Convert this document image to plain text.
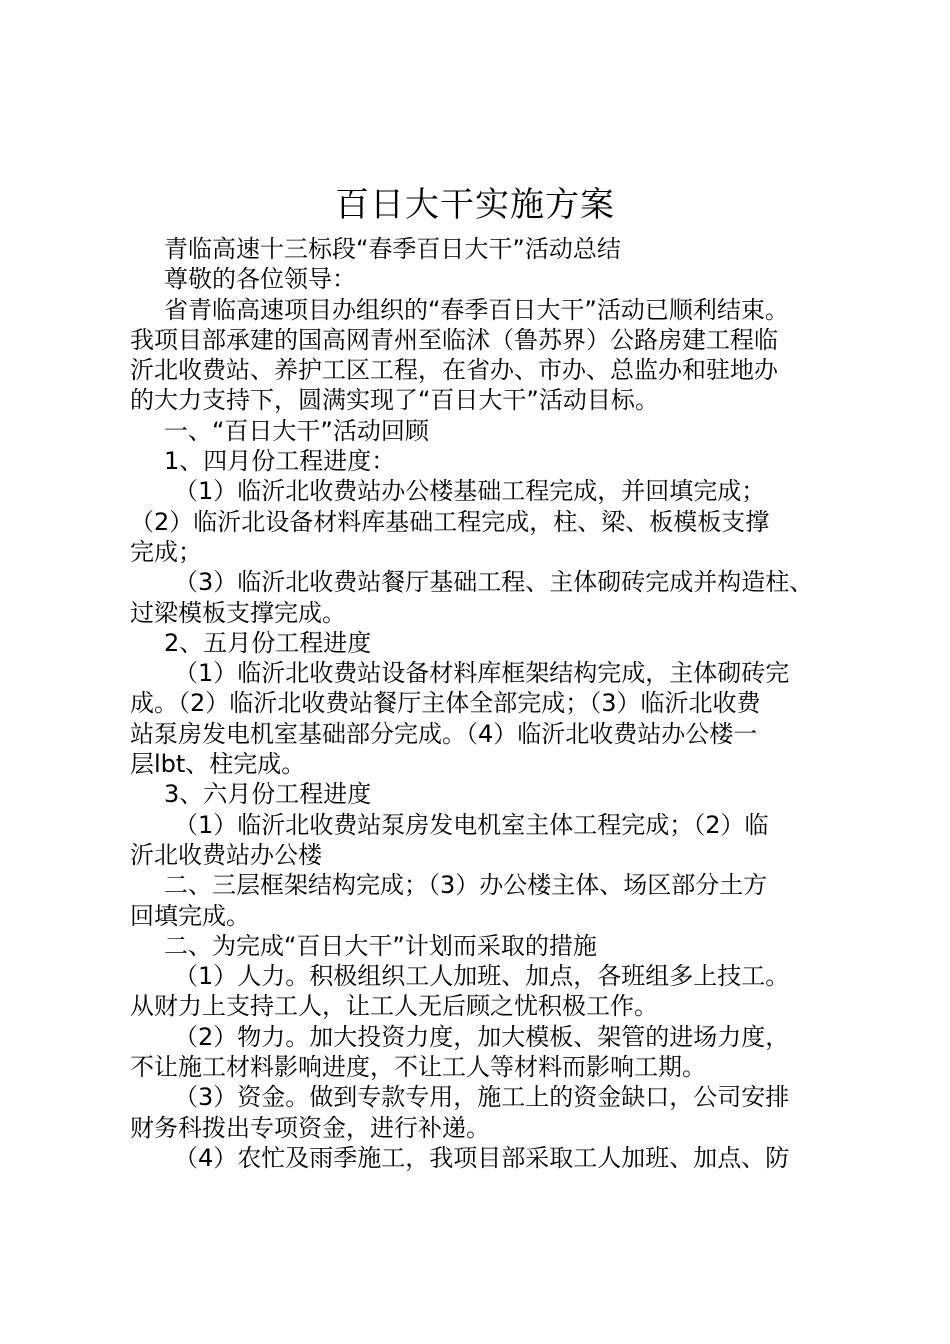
百日大干实施方案
青临高速十三标段“春季百日大干”活动总结
尊敬的各位领导：
省青临高速项目办组织的“春季百日大干”活动已顺利结束。
我项目部承建的国高网青州至临沭（鲁苏界）公路房建工程临
沂北收费站、养护工区工程，在省办、市办、总监办和驻地办
的大力支持下，圆满实现了“百日大干”活动目标。
一、“百日大干”活动回顾
1、四月份工程进度：
（1）临沂北收费站办公楼基础工程完成，并回填完成；
（2）临沂北设备材料库基础工程完成，柱、梁、板模板支撑
完成；
（3）临沂北收费站餐厅基础工程、主体砌砖完成并构造柱、
过梁模板支撑完成。
2、五月份工程进度
（1）临沂北收费站设备材料库框架结构完成，主体砌砖完
成。（2）临沂北收费站餐厅主体全部完成；（3）临沂北收费
站泵房发电机室基础部分完成。（4）临沂北收费站办公楼一
层lbt、柱完成。
3、六月份工程进度
（1）临沂北收费站泵房发电机室主体工程完成；（2）临
沂北收费站办公楼
二、三层框架结构完成；（3）办公楼主体、场区部分土方
回填完成。
二、为完成“百日大干”计划而采取的措施
（1）人力。积极组织工人加班、加点，各班组多上技工。
从财力上支持工人，让工人无后顾之忧积极工作。
（2）物力。加大投资力度，加大模板、架管的进场力度，
不让施工材料影响进度，不让工人等材料而影响工期。
（3）资金。做到专款专用，施工上的资金缺口，公司安排
财务科拨出专项资金，进行补递。
（4）农忙及雨季施工，我项目部采取工人加班、加点、防
